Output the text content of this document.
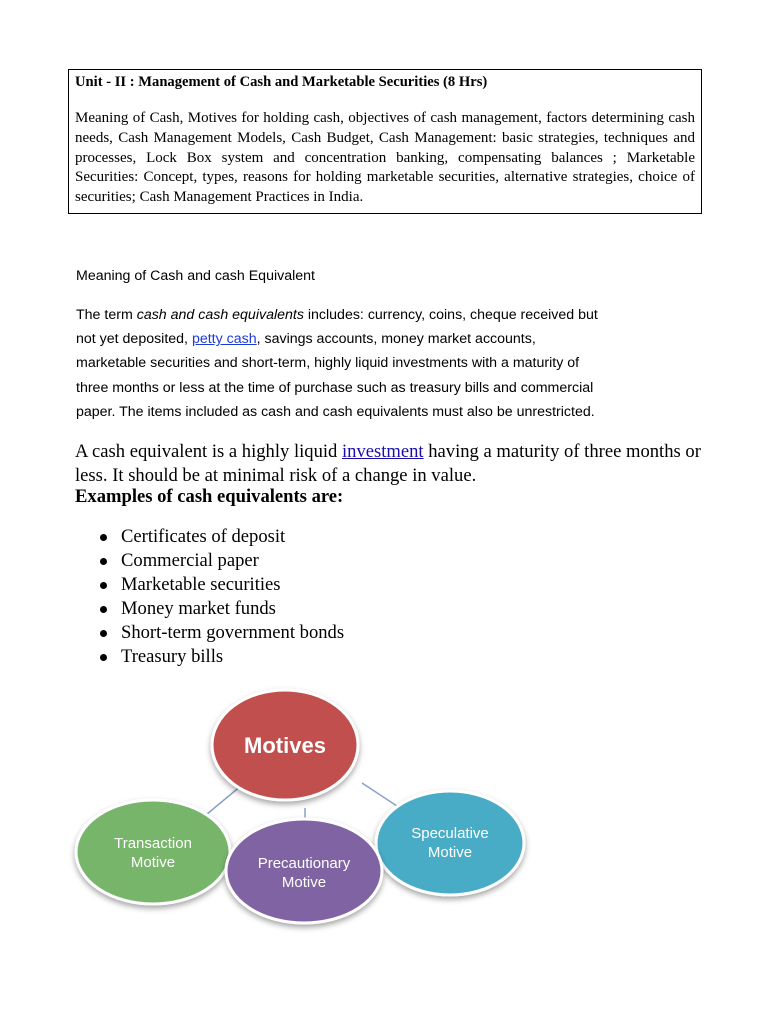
Unit - II : Management of Cash and Marketable Securities (8 Hrs)
Meaning of Cash, Motives for holding cash, objectives of cash management, factors determining cash needs, Cash Management Models, Cash Budget, Cash Management: basic strategies, techniques and processes, Lock Box system and concentration banking, compensating balances ; Marketable Securities: Concept, types, reasons for holding marketable securities, alternative strategies, choice of securities; Cash Management Practices in India.
Meaning of Cash and cash Equivalent
The term cash and cash equivalents includes: currency, coins, cheque received but
not yet deposited, petty cash, savings accounts, money market accounts,
marketable securities and short-term, highly liquid investments with a maturity of
three months or less at the time of purchase such as treasury bills and commercial
paper. The items included as cash and cash equivalents must also be unrestricted.
A cash equivalent is a highly liquid investment having a maturity of three months or less. It should be at minimal risk of a change in value.
Examples of cash equivalents are:
Certificates of deposit
Commercial paper
Marketable securities
Money market funds
Short-term government bonds
Treasury bills
Motives
Transaction
Motive
Speculative
Motive
Precautionary
Motive
